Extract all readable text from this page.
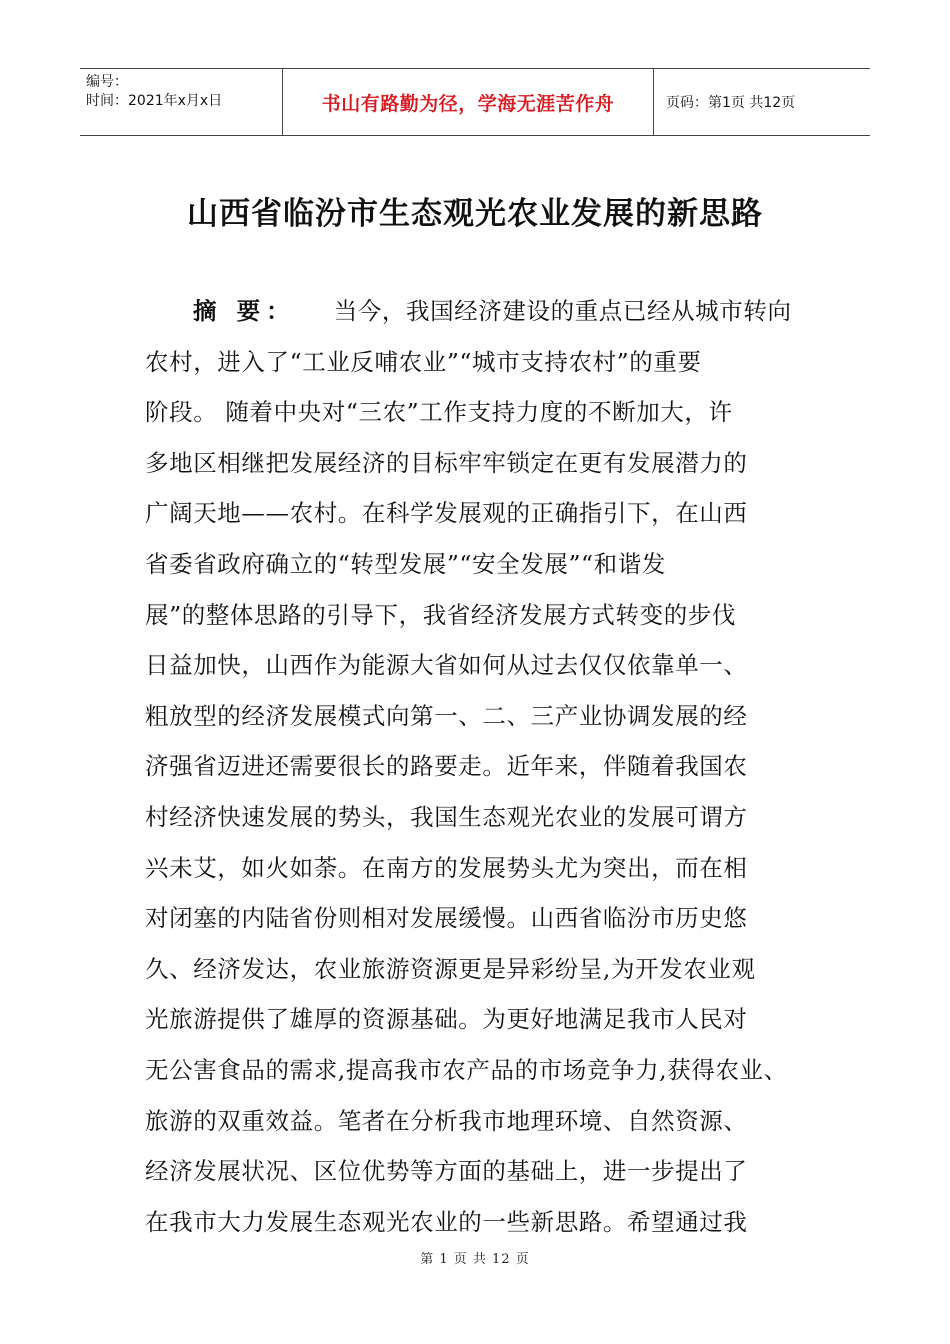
编号：
时间：2021年x月x日	书山有路勤为径，学海无涯苦作舟	页码：第1页 共12页
山西省临汾市生态观光农业发展的新思路
摘 要： 当今，我国经济建设的重点已经从城市转向
农村，进入了“工业反哺农业”“城市支持农村”的重要
阶段。 随着中央对“三农”工作支持力度的不断加大，许
多地区相继把发展经济的目标牢牢锁定在更有发展潜力的
广阔天地——农村。在科学发展观的正确指引下，在山西
省委省政府确立的“转型发展”“安全发展”“和谐发
展”的整体思路的引导下，我省经济发展方式转变的步伐
日益加快，山西作为能源大省如何从过去仅仅依靠单一、
粗放型的经济发展模式向第一、二、三产业协调发展的经
济强省迈进还需要很长的路要走。近年来，伴随着我国农
村经济快速发展的势头，我国生态观光农业的发展可谓方
兴未艾，如火如荼。在南方的发展势头尤为突出，而在相
对闭塞的内陆省份则相对发展缓慢。山西省临汾市历史悠
久、经济发达，农业旅游资源更是异彩纷呈,为开发农业观
光旅游提供了雄厚的资源基础。为更好地满足我市人民对
无公害食品的需求,提高我市农产品的市场竞争力,获得农业、
旅游的双重效益。笔者在分析我市地理环境、自然资源、
经济发展状况、区位优势等方面的基础上，进一步提出了
在我市大力发展生态观光农业的一些新思路。希望通过我
第 1 页 共 12 页
